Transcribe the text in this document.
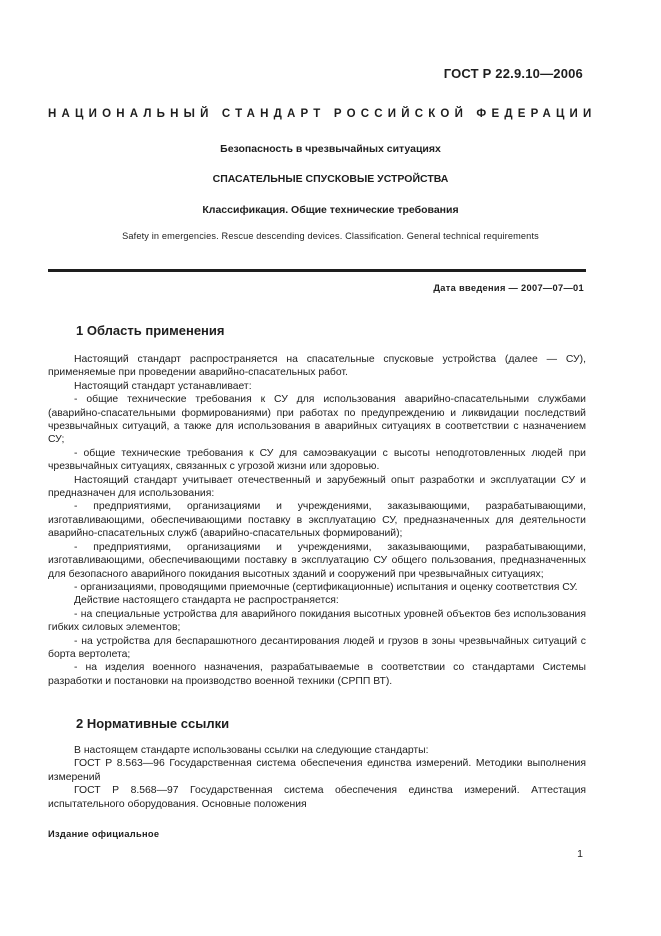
ГОСТ Р 22.9.10—2006
НАЦИОНАЛЬНЫЙ СТАНДАРТ РОССИЙСКОЙ ФЕДЕРАЦИИ
Безопасность в чрезвычайных ситуациях
СПАСАТЕЛЬНЫЕ СПУСКОВЫЕ УСТРОЙСТВА
Классификация. Общие технические требования
Safety in emergencies. Rescue descending devices. Classification. General technical requirements
Дата введения — 2007—07—01
1 Область применения

Настоящий стандарт распространяется на спасательные спусковые устройства (далее — СУ), применяемые при проведении аварийно-спасательных работ.

Настоящий стандарт устанавливает:

- общие технические требования к СУ для использования аварийно-спасательными службами (аварийно-спасательными формированиями) при работах по предупреждению и ликвидации последствий чрезвычайных ситуаций, а также для использования в аварийных ситуациях в соответствии с назначением СУ;

- общие технические требования к СУ для самоэвакуации с высоты неподготовленных людей при чрезвычайных ситуациях, связанных с угрозой жизни или здоровью.

Настоящий стандарт учитывает отечественный и зарубежный опыт разработки и эксплуатации СУ и предназначен для использования:

- предприятиями, организациями и учреждениями, заказывающими, разрабатывающими, изготавливающими, обеспечивающими поставку в эксплуатацию СУ, предназначенных для деятельности аварийно-спасательных служб (аварийно-спасательных формирований);

- предприятиями, организациями и учреждениями, заказывающими, разрабатывающими, изготавливающими, обеспечивающими поставку в эксплуатацию СУ общего пользования, предназначенных для безопасного аварийного покидания высотных зданий и сооружений при чрезвычайных ситуациях;

- организациями, проводящими приемочные (сертификационные) испытания и оценку соответствия СУ.

Действие настоящего стандарта не распространяется:

- на специальные устройства для аварийного покидания высотных уровней объектов без использования гибких силовых элементов;

- на устройства для беспарашютного десантирования людей и грузов в зоны чрезвычайных ситуаций с борта вертолета;

- на изделия военного назначения, разрабатываемые в соответствии со стандартами Системы разработки и постановки на производство военной техники (СРПП ВТ).

2 Нормативные ссылки

В настоящем стандарте использованы ссылки на следующие стандарты:

ГОСТ Р 8.563—96 Государственная система обеспечения единства измерений. Методики выполнения измерений

ГОСТ Р 8.568—97 Государственная система обеспечения единства измерений. Аттестация испытательного оборудования. Основные положения

Издание официальное
1
